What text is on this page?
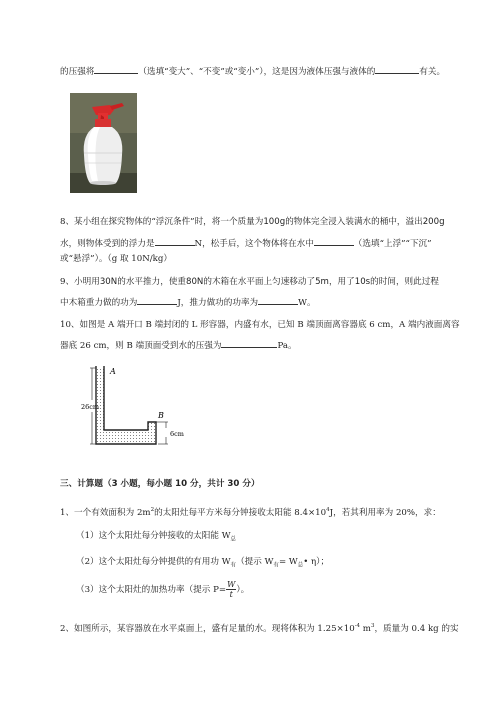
的压强将	（选填“变大”、“不变”或“变小”），这是因为液体压强与液体的	有关。
8、某小组在探究物体的“浮沉条件”时，将一个质量为100g的物体完全浸入装满水的桶中，溢出200g
水，则物体受到的浮力是	N，松手后，这个物体将在水中	（选填“上浮”“下沉”
或“悬浮”）。（g 取 10N/kg）
9、小明用30N的水平推力，使重80N的木箱在水平面上匀速移动了5m，用了10s的时间，则此过程
中木箱重力做的功为	J，推力做功的功率为	W。
10、如图是 A 端开口 B 端封闭的 L 形容器，内盛有水，已知 B 端顶面离容器底 6 cm，A 端内液面离容
器底 26 cm，则 B 端顶面受到水的压强为	Pa。
A
B
26cm
6cm
三、计算题（3 小题，每小题 10 分，共计 30 分）
1、一个有效面积为 $2m^2$的太阳灶每平方米每分钟接收太阳能 $8.4\times 10^4J$，若其利用率为 20%，求：
（1）这个太阳灶每分钟接收的太阳能 $W_总$
（2）这个太阳灶每分钟提供的有用功 $W_有$（提示 $W_有=$ $W_总•$ η）；
（3）这个太阳灶的加热功率（提示 $P= \frac{W}{t}$ ）。
2、如图所示，某容器放在水平桌面上，盛有足量的水。现将体积为 $1.25\times 10^{-4}$ $m^3$，质量为 0.4 kg 的实
